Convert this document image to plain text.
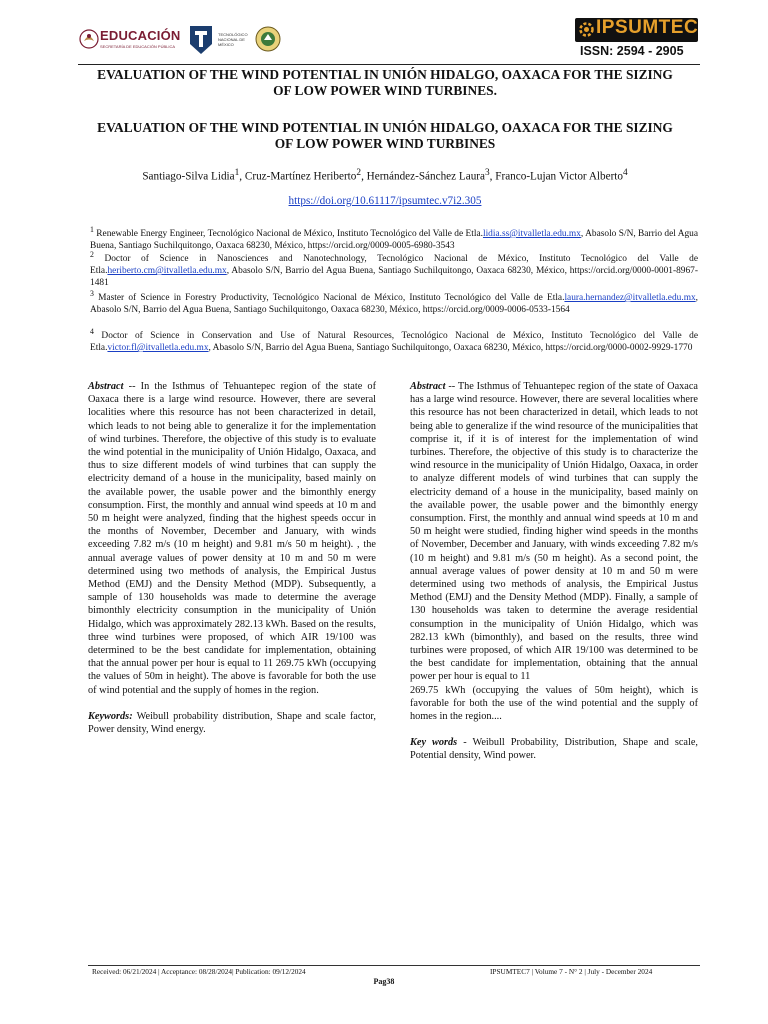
EDUCACIÓN
SECRETARÍA DE EDUCACIÓN PÚBLICA
TECNOLÓGICO NACIONAL DE MÉXICO
IPSUMTEC
ISSN: 2594 - 2905
EVALUATION OF THE WIND POTENTIAL IN UNIÓN HIDALGO, OAXACA FOR THE SIZING OF LOW POWER WIND TURBINES.
EVALUATION OF THE WIND POTENTIAL IN UNIÓN HIDALGO, OAXACA FOR THE SIZING OF LOW POWER WIND TURBINES
Santiago-Silva Lidia$^1$, Cruz-Martínez Heriberto$^2$, Hernández-Sánchez Laura$^3$, Franco-Lujan Victor Alberto$^4$
https://doi.org/10.61117/ipsumtec.v7i2.305
$^1$ Renewable Energy Engineer, Tecnológico Nacional de México, Instituto Tecnológico del Valle de Etla.lidia.ss@itvalletla.edu.mx, Abasolo S/N, Barrio del Agua Buena, Santiago Suchilquitongo, Oaxaca 68230, México, https://orcid.org/0009-0005-6980-3543
$^2$ Doctor of Science in Nanosciences and Nanotechnology, Tecnológico Nacional de México, Instituto Tecnológico del Valle de Etla.heriberto.cm@itvalletla.edu.mx, Abasolo S/N, Barrio del Agua Buena, Santiago Suchilquitongo, Oaxaca 68230, México, https://orcid.org/0000-0001-8967-1481
$^3$ Master of Science in Forestry Productivity, Tecnológico Nacional de México, Instituto Tecnológico del Valle de Etla.laura.hernandez@itvalletla.edu.mx, Abasolo S/N, Barrio del Agua Buena, Santiago Suchilquitongo, Oaxaca 68230, México, https://orcid.org/0009-0006-0533-1564
$^4$ Doctor of Science in Conservation and Use of Natural Resources, Tecnológico Nacional de México, Instituto Tecnológico del Valle de Etla.victor.fl@itvalletla.edu.mx, Abasolo S/N, Barrio del Agua Buena, Santiago Suchilquitongo, Oaxaca 68230, México, https://orcid.org/0000-0002-9929-1770

Abstract -- In the Isthmus of Tehuantepec region of the state of Oaxaca there is a large wind resource. However, there are several localities where this resource has not been characterized in detail, which leads to not being able to generalize it for the implementation of wind turbines. Therefore, the objective of this study is to evaluate the wind potential in the municipality of Unión Hidalgo, Oaxaca, and thus to size different models of wind turbines that can supply the electricity demand of a house in the municipality, based mainly on the available power, the usable power and the bimonthly energy consumption. First, the monthly and annual wind speeds at 10 m and 50 m height were analyzed, finding that the highest speeds occur in the months of November, December and January, with winds exceeding 7.82 m/s (10 m height) and 9.81 m/s 50 m height). , the annual average values of power density at 10 m and 50 m were determined using two methods of analysis, the Empirical Justus Method (EMJ) and the Density Method (MDP). Subsequently, a sample of 130 households was made to determine the average bimonthly electricity consumption in the municipality of Unión Hidalgo, which was approximately 282.13 kWh. Based on the results, three wind turbines were proposed, of which AIR 19/100 was determined to be the best candidate for implementation, obtaining that the annual power per hour is equal to 11 269.75 kWh (occupying the values of 50m in height). The above is favorable for both the use of wind potential and the supply of homes in the region.

Keywords: Weibull probability distribution, Shape and scale factor, Power density, Wind energy.

Abstract -- The Isthmus of Tehuantepec region of the state of Oaxaca has a large wind resource. However, there are several localities where this resource has not been characterized in detail, which leads to not being able to generalize if the wind resource of the municipalities that comprise it, if it is of interest for the implementation of wind turbines. Therefore, the objective of this study is to characterize the wind resource in the municipality of Unión Hidalgo, Oaxaca, in order to analyze different models of wind turbines that can supply the electricity demand of a house in the municipality, based mainly on the available power, the usable power and the bimonthly energy consumption. First, the monthly and annual wind speeds at 10 m and 50 m height were studied, finding higher wind speeds in the months of November, December and January, with winds exceeding 7.82 m/s (10 m height) and 9.81 m/s (50 m height). As a second point, the annual average values of power density at 10 m and 50 m were determined using two methods of analysis, the Empirical Justus Method (EMJ) and the Density Method (MDP). Finally, a sample of 130 households was taken to determine the average residential consumption in the municipality of Unión Hidalgo, which was 282.13 kWh (bimonthly), and based on the results, three wind turbines were proposed, of which AIR 19/100 was determined to be the best candidate for implementation, obtaining that the annual power per hour is equal to 11

269.75 kWh (occupying the values of 50m height), which is favorable for both the use of the wind potential and the supply of homes in the region....

Key words - Weibull Probability, Distribution, Shape and scale, Potential density, Wind power.

Received: 06/21/2024 | Acceptance: 08/28/2024| Publication: 09/12/2024	IPSUMTEC7 | Volume 7 - N° 2 | July - December 2024
Pag38
